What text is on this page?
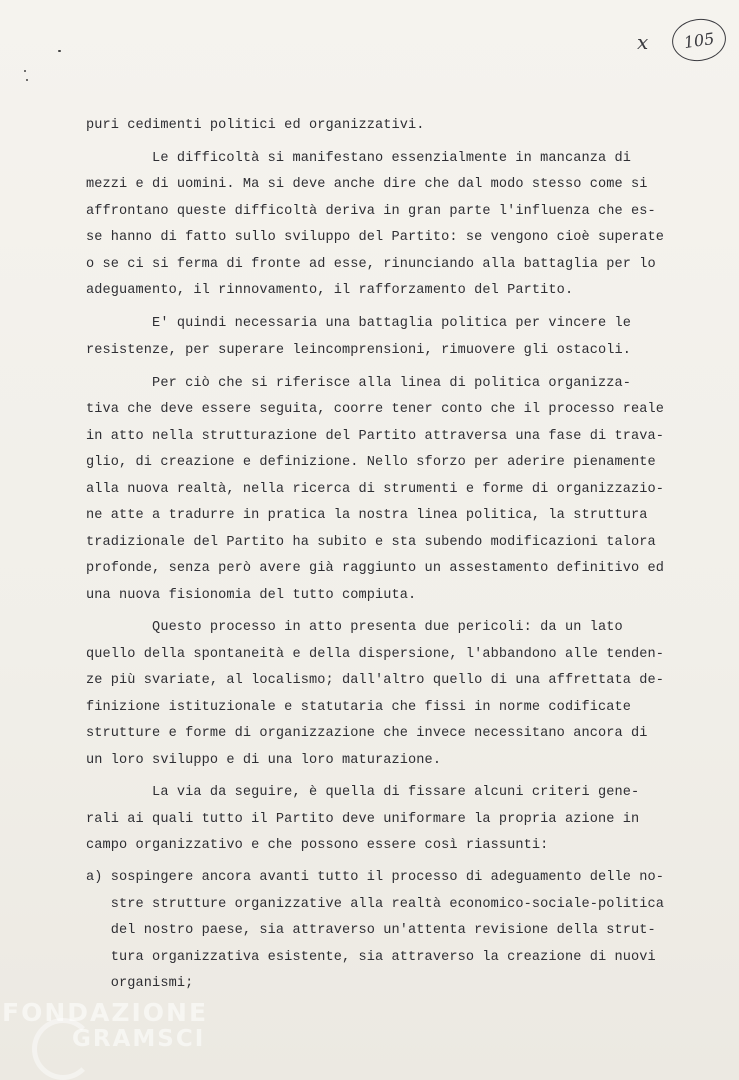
x 105
puri cedimenti politici ed organizzativi.
Le difficoltà si manifestano essenzialmente in mancanza di
mezzi e di uomini. Ma si deve anche dire che dal modo stesso come si
affrontano queste difficoltà deriva in gran parte l'influenza che es-
se hanno di fatto sullo sviluppo del Partito: se vengono cioè superate
o se ci si ferma di fronte ad esse, rinunciando alla battaglia per lo
adeguamento, il rinnovamento, il rafforzamento del Partito.
E' quindi necessaria una battaglia politica per vincere le
resistenze, per superare leincomprensioni, rimuovere gli ostacoli.
Per ciò che si riferisce alla linea di politica organizza-
tiva che deve essere seguita, coorre tener conto che il processo reale
in atto nella strutturazione del Partito attraversa una fase di trava-
glio, di creazione e definizione. Nello sforzo per aderire pienamente
alla nuova realtà, nella ricerca di strumenti e forme di organizzazio-
ne atte a tradurre in pratica la nostra linea politica, la struttura
tradizionale del Partito ha subito e sta subendo modificazioni talora
profonde, senza però avere già raggiunto un assestamento definitivo ed
una nuova fisionomia del tutto compiuta.
Questo processo in atto presenta due pericoli: da un lato
quello della spontaneità e della dispersione, l'abbandono alle tenden-
ze più svariate, al localismo; dall'altro quello di una affrettata de-
finizione istituzionale e statutaria che fissi in norme codificate
strutture e forme di organizzazione che invece necessitano ancora di
un loro sviluppo e di una loro maturazione.
La via da seguire, è quella di fissare alcuni criteri gene-
rali ai quali tutto il Partito deve uniformare la propria azione in
campo organizzativo e che possono essere così riassunti:
a) sospingere ancora avanti tutto il processo di adeguamento delle no-
stre strutture organizzative alla realtà economico-sociale-politica
del nostro paese, sia attraverso un'attenta revisione della strut-
tura organizzativa esistente, sia attraverso la creazione di nuovi
organismi;
FONDAZIONE
GRAMSCI
